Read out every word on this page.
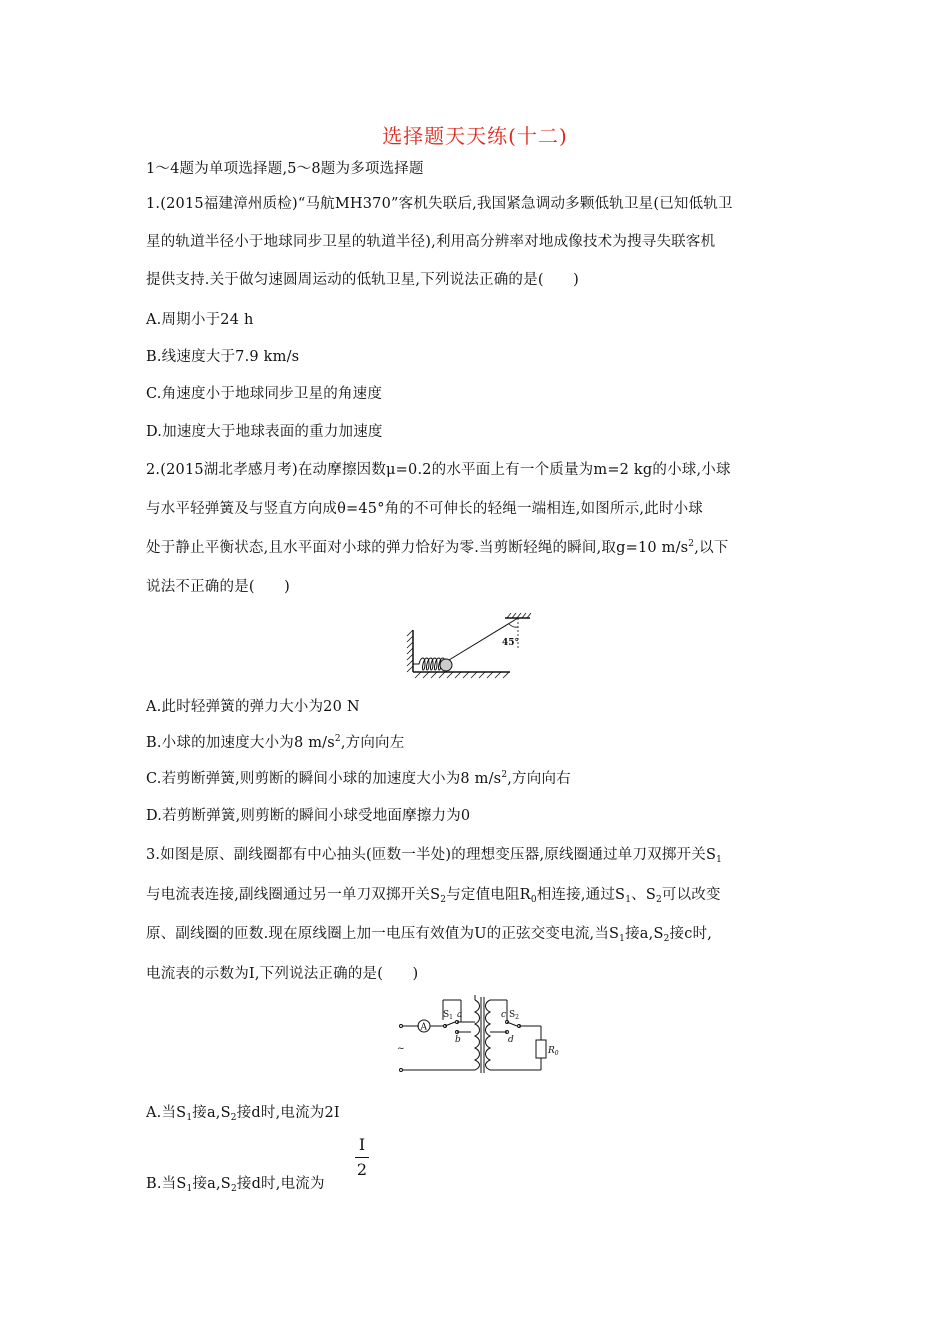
选择题天天练(十二)
1～4题为单项选择题,5～8题为多项选择题
1.(2015福建漳州质检)“马航MH370”客机失联后,我国紧急调动多颗低轨卫星(已知低轨卫
星的轨道半径小于地球同步卫星的轨道半径),利用高分辨率对地成像技术为搜寻失联客机
提供支持.关于做匀速圆周运动的低轨卫星,下列说法正确的是(　　)
A.周期小于24 h
B.线速度大于7.9 km/s
C.角速度小于地球同步卫星的角速度
D.加速度大于地球表面的重力加速度
2.(2015湖北孝感月考)在动摩擦因数μ=0.2的水平面上有一个质量为m=2 kg的小球,小球
与水平轻弹簧及与竖直方向成θ=45°角的不可伸长的轻绳一端相连,如图所示,此时小球
处于静止平衡状态,且水平面对小球的弹力恰好为零.当剪断轻绳的瞬间,取g=10 $m/s^2$,以下
说法不正确的是(　　)
45°
A.此时轻弹簧的弹力大小为20 N
B.小球的加速度大小为8 $m/s^2$,方向向左
C.若剪断弹簧,则剪断的瞬间小球的加速度大小为8 $m/s^2$,方向向右
D.若剪断弹簧,则剪断的瞬间小球受地面摩擦力为0
3.如图是原、副线圈都有中心抽头(匝数一半处)的理想变压器,原线圈通过单刀双掷开关$S_1$
与电流表连接,副线圈通过另一单刀双掷开关$S_2$与定值电阻$R_0$相连接,通过$S_1$、$S_2$可以改变
原、副线圈的匝数.现在原线圈上加一电压有效值为U的正弦交变电流,当$S_1$接$a,S_2$接c时,
电流表的示数为I,下列说法正确的是(　　)
A
$S_1$ a
b
c $S_2$
d
$R_0$
~
A.当$S_1$接$a,S_2$接d时,电流为2I
B.当$S_1$接$a,S_2$接d时,电流为
I
2
